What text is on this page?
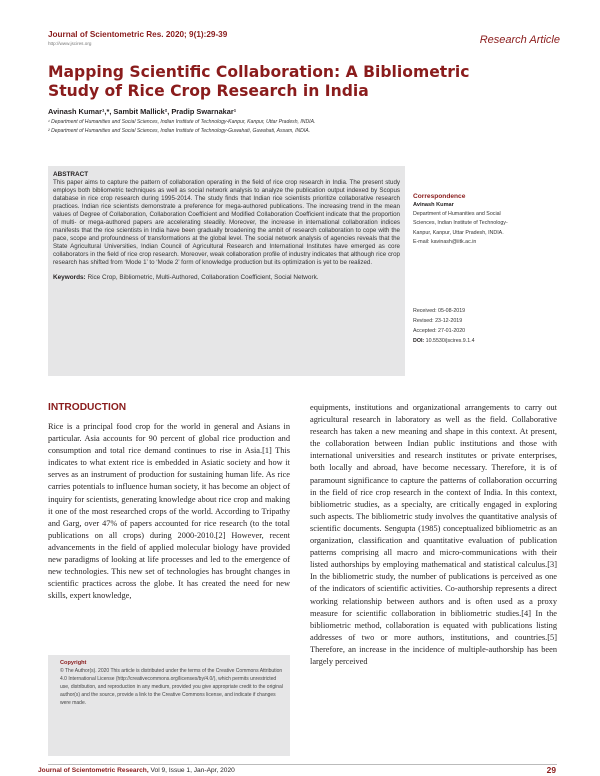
Journal of Scientometric Res. 2020; 9(1):29-39
http://www.jscires.org	Research Article
Mapping Scientific Collaboration: A Bibliometric Study of Rice Crop Research in India
Avinash Kumar¹,*, Sambit Mallick², Pradip Swarnakar¹
¹ Department of Humanities and Social Sciences, Indian Institute of Technology-Kanpur, Kanpur, Uttar Pradesh, INDIA.
² Department of Humanities and Social Sciences, Indian Institute of Technology-Guwahati, Guwahati, Assam, INDIA.
ABSTRACT

This paper aims to capture the pattern of collaboration operating in the field of rice crop research in India. The present study employs both bibliometric techniques as well as social network analysis to analyze the publication output indexed by Scopus database in rice crop research during 1995-2014. The study finds that Indian rice scientists prioritize collaborative research practices. Indian rice scientists demonstrate a preference for mega-authored publications. The increasing trend in the mean values of Degree of Collaboration, Collaboration Coefficient and Modified Collaboration Coefficient indicate that the proportion of multi- or mega-authored papers are accelerating steadily. Moreover, the increase in international collaboration indices manifests that the rice scientists in India have been gradually broadening the ambit of research collaboration to cope with the pace, scope and profoundness of transformations at the global level. The social network analysis of agencies reveals that the State Agricultural Universities, Indian Council of Agricultural Research and International Institutes have emerged as core collaborators in the field of rice crop research. Moreover, weak collaboration profile of industry indicates that although rice crop research has shifted from ‘Mode 1’ to ‘Mode 2’ form of knowledge production but its optimization is yet to be realized.

Keywords: Rice Crop, Bibliometric, Multi-Authored, Collaboration Coefficient, Social Network.

Correspondence
Avinash Kumar
Department of Humanities and Social
Sciences, Indian Institute of Technology-
Kanpur, Kanpur, Uttar Pradesh, INDIA.
E-mail: kavinash@iitk.ac.in
Received: 05-08-2019
Revised: 23-12-2019
Accepted: 27-01-2020
DOI: 10.5530/jscires.9.1.4
INTRODUCTION

Rice is a principal food crop for the world in general and Asians in particular. Asia accounts for 90 percent of global rice production and consumption and total rice demand continues to rise in Asia.[1] This indicates to what extent rice is embedded in Asiatic society and how it serves as an instrument of production for sustaining human life. As rice carries potentials to influence human society, it has become an object of inquiry for scientists, generating knowledge about rice crop and making it one of the most researched crops of the world. According to Tripathy and Garg, over 47% of papers accounted for rice research (to the total publications on all crops) during 2000-2010.[2] However, recent advancements in the field of applied molecular biology have provided new paradigms of looking at life processes and led to the emergence of new technologies. This new set of technologies has brought changes in scientific practices across the globe. It has created the need for new skills, expert knowledge,

equipments, institutions and organizational arrangements to carry out agricultural research in laboratory as well as the field. Collaborative research has taken a new meaning and shape in this context. At present, the collaboration between Indian public institutions and those with international universities and research institutes or private enterprises, both locally and abroad, have become necessary. Therefore, it is of paramount significance to capture the patterns of collaboration occurring in the field of rice crop research in the context of India. In this context, bibliometric studies, as a specialty, are critically engaged in exploring such aspects. The bibliometric study involves the quantitative analysis of scientific documents. Sengupta (1985) conceptualized bibliometric as an organization, classification and quantitative evaluation of publication patterns comprising all macro and micro-communications with their listed authorships by employing mathematical and statistical calculus.[3] In the bibliometric study, the number of publications is perceived as one of the indicators of scientific activities. Co-authorship represents a direct working relationship between authors and is often used as a proxy measure for scientific collaboration in bibliometric studies.[4] In the bibliometric method, collaboration is equated with publications listing addresses of two or more authors, institutions, and countries.[5] Therefore, an increase in the incidence of multiple-authorship has been largely perceived

Copyright

© The Author(s). 2020 This article is distributed under the terms of the Creative Commons Attribution 4.0 International License (http://creativecommons.org/licenses/by/4.0/), which permits unrestricted use, distribution, and reproduction in any medium, provided you give appropriate credit to the original author(s) and the source, provide a link to the Creative Commons license, and indicate if changes were made.

Journal of Scientometric Research, Vol 9, Issue 1, Jan-Apr, 2020	29
